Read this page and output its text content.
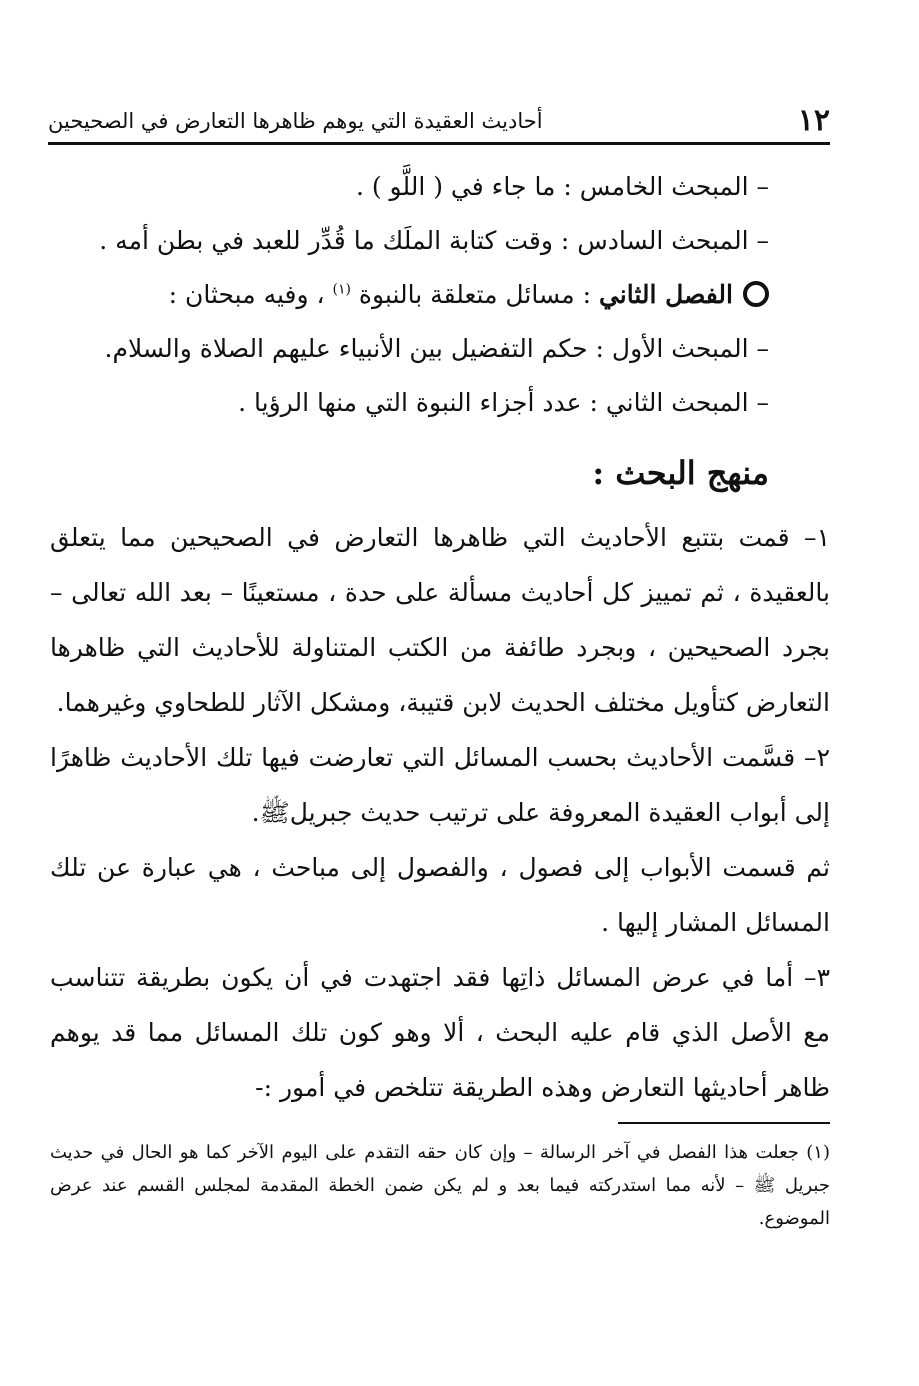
١٢
أحاديث العقيدة التي يوهم ظاهرها التعارض في الصحيحين
– المبحث الخامس : ما جاء في ( اللَّو ) .
– المبحث السادس : وقت كتابة الملَك ما قُدِّر للعبد في بطن أمه .
الفصل الثاني : مسائل متعلقة بالنبوة $^{(١)}$ ، وفيه مبحثان :
– المبحث الأول : حكم التفضيل بين الأنبياء عليهم الصلاة والسلام.
– المبحث الثاني : عدد أجزاء النبوة التي منها الرؤيا .
منهج البحث :

١– قمت بتتبع الأحاديث التي ظاهرها التعارض في الصحيحين مما يتعلق بالعقيدة ، ثم تمييز كل أحاديث مسألة على حدة ، مستعينًا – بعد الله تعالى – بجرد الصحيحين ، وبجرد طائفة من الكتب المتناولة للأحاديث التي ظاهرها التعارض كتأويل مختلف الحديث لابن قتيبة، ومشكل الآثار للطحاوي وغيرهما.

٢– قسَّمت الأحاديث بحسب المسائل التي تعارضت فيها تلك الأحاديث ظاهرًا إلى أبواب العقيدة المعروفة على ترتيب حديث جبريلﷺ.

ثم قسمت الأبواب إلى فصول ، والفصول إلى مباحث ، هي عبارة عن تلك المسائل المشار إليها .

٣– أما في عرض المسائل ذاتِها فقد اجتهدت في أن يكون بطريقة تتناسب مع الأصل الذي قام عليه البحث ، ألا وهو كون تلك المسائل مما قد يوهم ظاهر أحاديثها التعارض وهذه الطريقة تتلخص في أمور :-

(١) جعلت هذا الفصل في آخر الرسالة – وإن كان حقه التقدم على اليوم الآخر كما هو الحال في حديث جبريل ﷺ – لأنه مما استدركته فيما بعد و لم يكن ضمن الخطة المقدمة لمجلس القسم عند عرض الموضوع.
